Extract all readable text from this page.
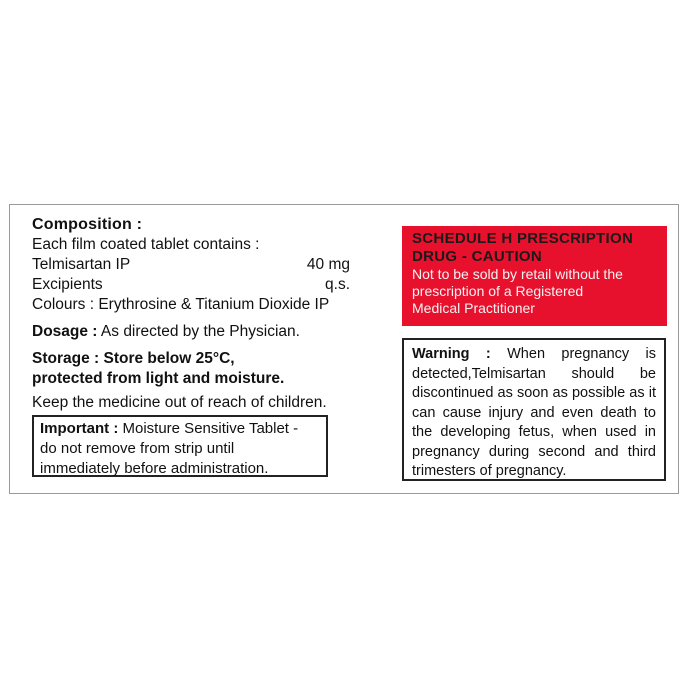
Composition :
Each film coated tablet contains :
Telmisartan IP	40 mg
Excipients	q.s.
Colours : Erythrosine & Titanium Dioxide IP
Dosage : As directed by the Physician.
Storage : Store below 25°C,
protected from light and moisture.
Keep the medicine out of reach of children.
Important : Moisture Sensitive Tablet -
do not remove from strip until
immediately before administration.
SCHEDULE H PRESCRIPTION
DRUG - CAUTION
Not to be sold by retail without the
prescription of a Registered
Medical Practitioner
Warning : When pregnancy is detected,Telmisartan should be discontinued as soon as possible as it can cause injury and even death to the developing fetus, when used in pregnancy during second and third trimesters of pregnancy.
